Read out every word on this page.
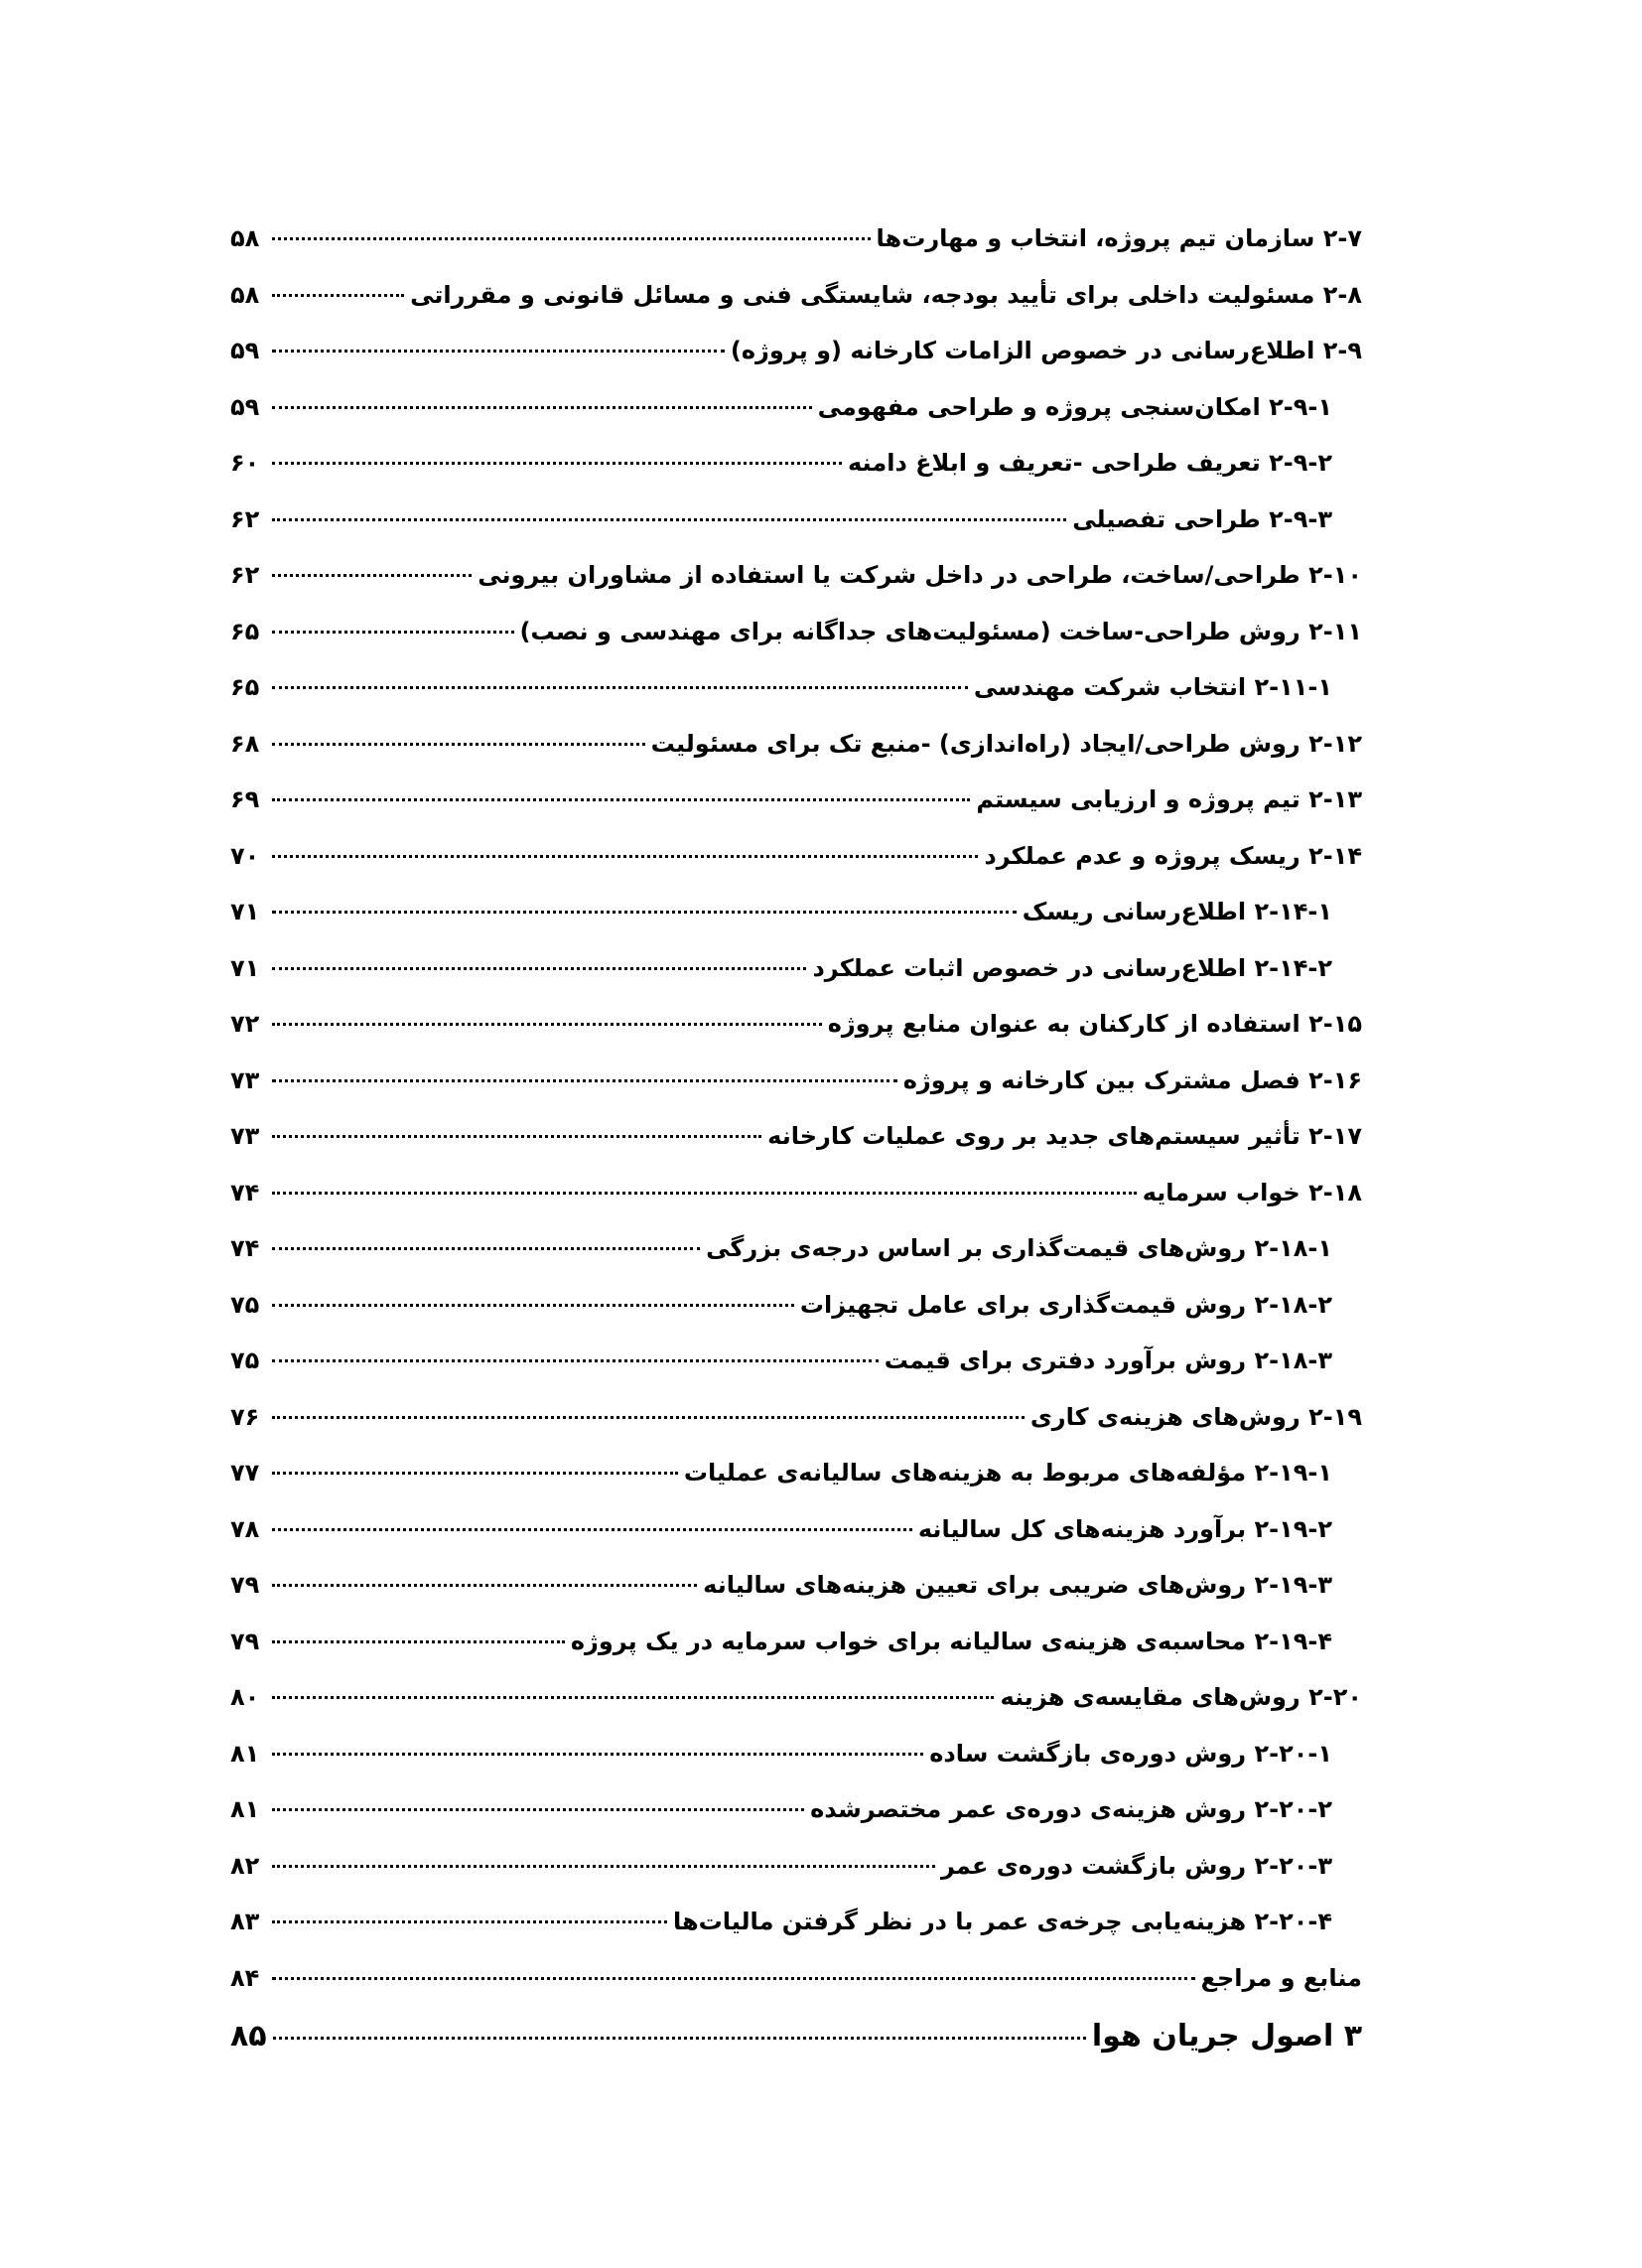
۲-۷ سازمان تیم پروژه، انتخاب و مهارت‌ها
۵۸
۲-۸ مسئولیت داخلی برای تأیید بودجه، شایستگی فنی و مسائل قانونی و مقرراتی
۵۸
۲-۹ اطلاع‌رسانی در خصوص الزامات کارخانه (و پروژه)
۵۹
۲-۹-۱ امکان‌سنجی پروژه و طراحی مفهومی
۵۹
۲-۹-۲ تعریف طراحی -تعریف و ابلاغ دامنه
۶۰
۲-۹-۳ طراحی تفصیلی
۶۲
۲-۱۰ طراحی/ساخت، طراحی در داخل شرکت یا استفاده از مشاوران بیرونی
۶۲
۲-۱۱ روش طراحی-ساخت (مسئولیت‌های جداگانه برای مهندسی و نصب)
۶۵
۲-۱۱-۱ انتخاب شرکت مهندسی
۶۵
۲-۱۲ روش طراحی/ایجاد (راه‌اندازی) -منبع تک برای مسئولیت
۶۸
۲-۱۳ تیم پروژه و ارزیابی سیستم
۶۹
۲-۱۴ ریسک پروژه و عدم عملکرد
۷۰
۲-۱۴-۱ اطلاع‌رسانی ریسک
۷۱
۲-۱۴-۲ اطلاع‌رسانی در خصوص اثبات عملکرد
۷۱
۲-۱۵ استفاده از کارکنان به عنوان منابع پروژه
۷۲
۲-۱۶ فصل مشترک بین کارخانه و پروژه
۷۳
۲-۱۷ تأثیر سیستم‌های جدید بر روی عملیات کارخانه
۷۳
۲-۱۸ خواب سرمایه
۷۴
۲-۱۸-۱ روش‌های قیمت‌گذاری بر اساس درجه‌ی بزرگی
۷۴
۲-۱۸-۲ روش قیمت‌گذاری برای عامل تجهیزات
۷۵
۲-۱۸-۳ روش برآورد دفتری برای قیمت
۷۵
۲-۱۹ روش‌های هزینه‌ی کاری
۷۶
۲-۱۹-۱ مؤلفه‌های مربوط به هزینه‌های سالیانه‌ی عملیات
۷۷
۲-۱۹-۲ برآورد هزینه‌های کل سالیانه
۷۸
۲-۱۹-۳ روش‌های ضریبی برای تعیین هزینه‌های سالیانه
۷۹
۲-۱۹-۴ محاسبه‌ی هزینه‌ی سالیانه برای خواب سرمایه در یک پروژه
۷۹
۲-۲۰ روش‌های مقایسه‌ی هزینه
۸۰
۲-۲۰-۱ روش دوره‌ی بازگشت ساده
۸۱
۲-۲۰-۲ روش هزینه‌ی دوره‌ی عمر مختصرشده
۸۱
۲-۲۰-۳ روش بازگشت دوره‌ی عمر
۸۲
۲-۲۰-۴ هزینه‌یابی چرخه‌ی عمر با در نظر گرفتن مالیات‌ها
۸۳
منابع و مراجع
۸۴
۳ اصول جریان هوا
۸۵
